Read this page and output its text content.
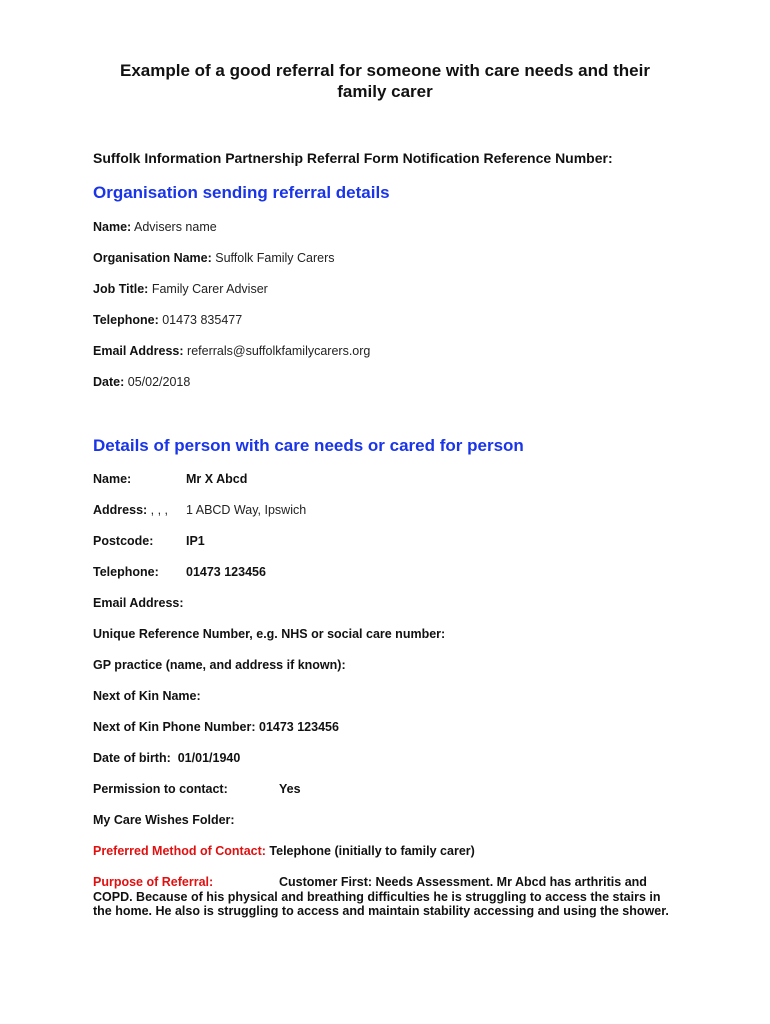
Example of a good referral for someone with care needs and their
family carer
Suffolk Information Partnership Referral Form Notification Reference Number:
Organisation sending referral details
Name: Advisers name
Organisation Name: Suffolk Family Carers
Job Title: Family Carer Adviser
Telephone: 01473 835477
Email Address: referrals@suffolkfamilycarers.org
Date: 05/02/2018
Details of person with care needs or cared for person
Name:	Mr X Abcd
Address: , , , 1 ABCD Way, Ipswich
Postcode:	IP1
Telephone: 01473 123456
Email Address:
Unique Reference Number, e.g. NHS or social care number:
GP practice (name, and address if known):
Next of Kin Name:
Next of Kin Phone Number: 01473 123456
Date of birth: 01/01/1940
Permission to contact:	Yes
My Care Wishes Folder:
Preferred Method of Contact: Telephone (initially to family carer)
Purpose of Referral:	Customer First: Needs Assessment. Mr Abcd has arthritis and COPD. Because of his physical and breathing difficulties he is struggling to access the stairs in the home. He also is struggling to access and maintain stability accessing and using the shower.
